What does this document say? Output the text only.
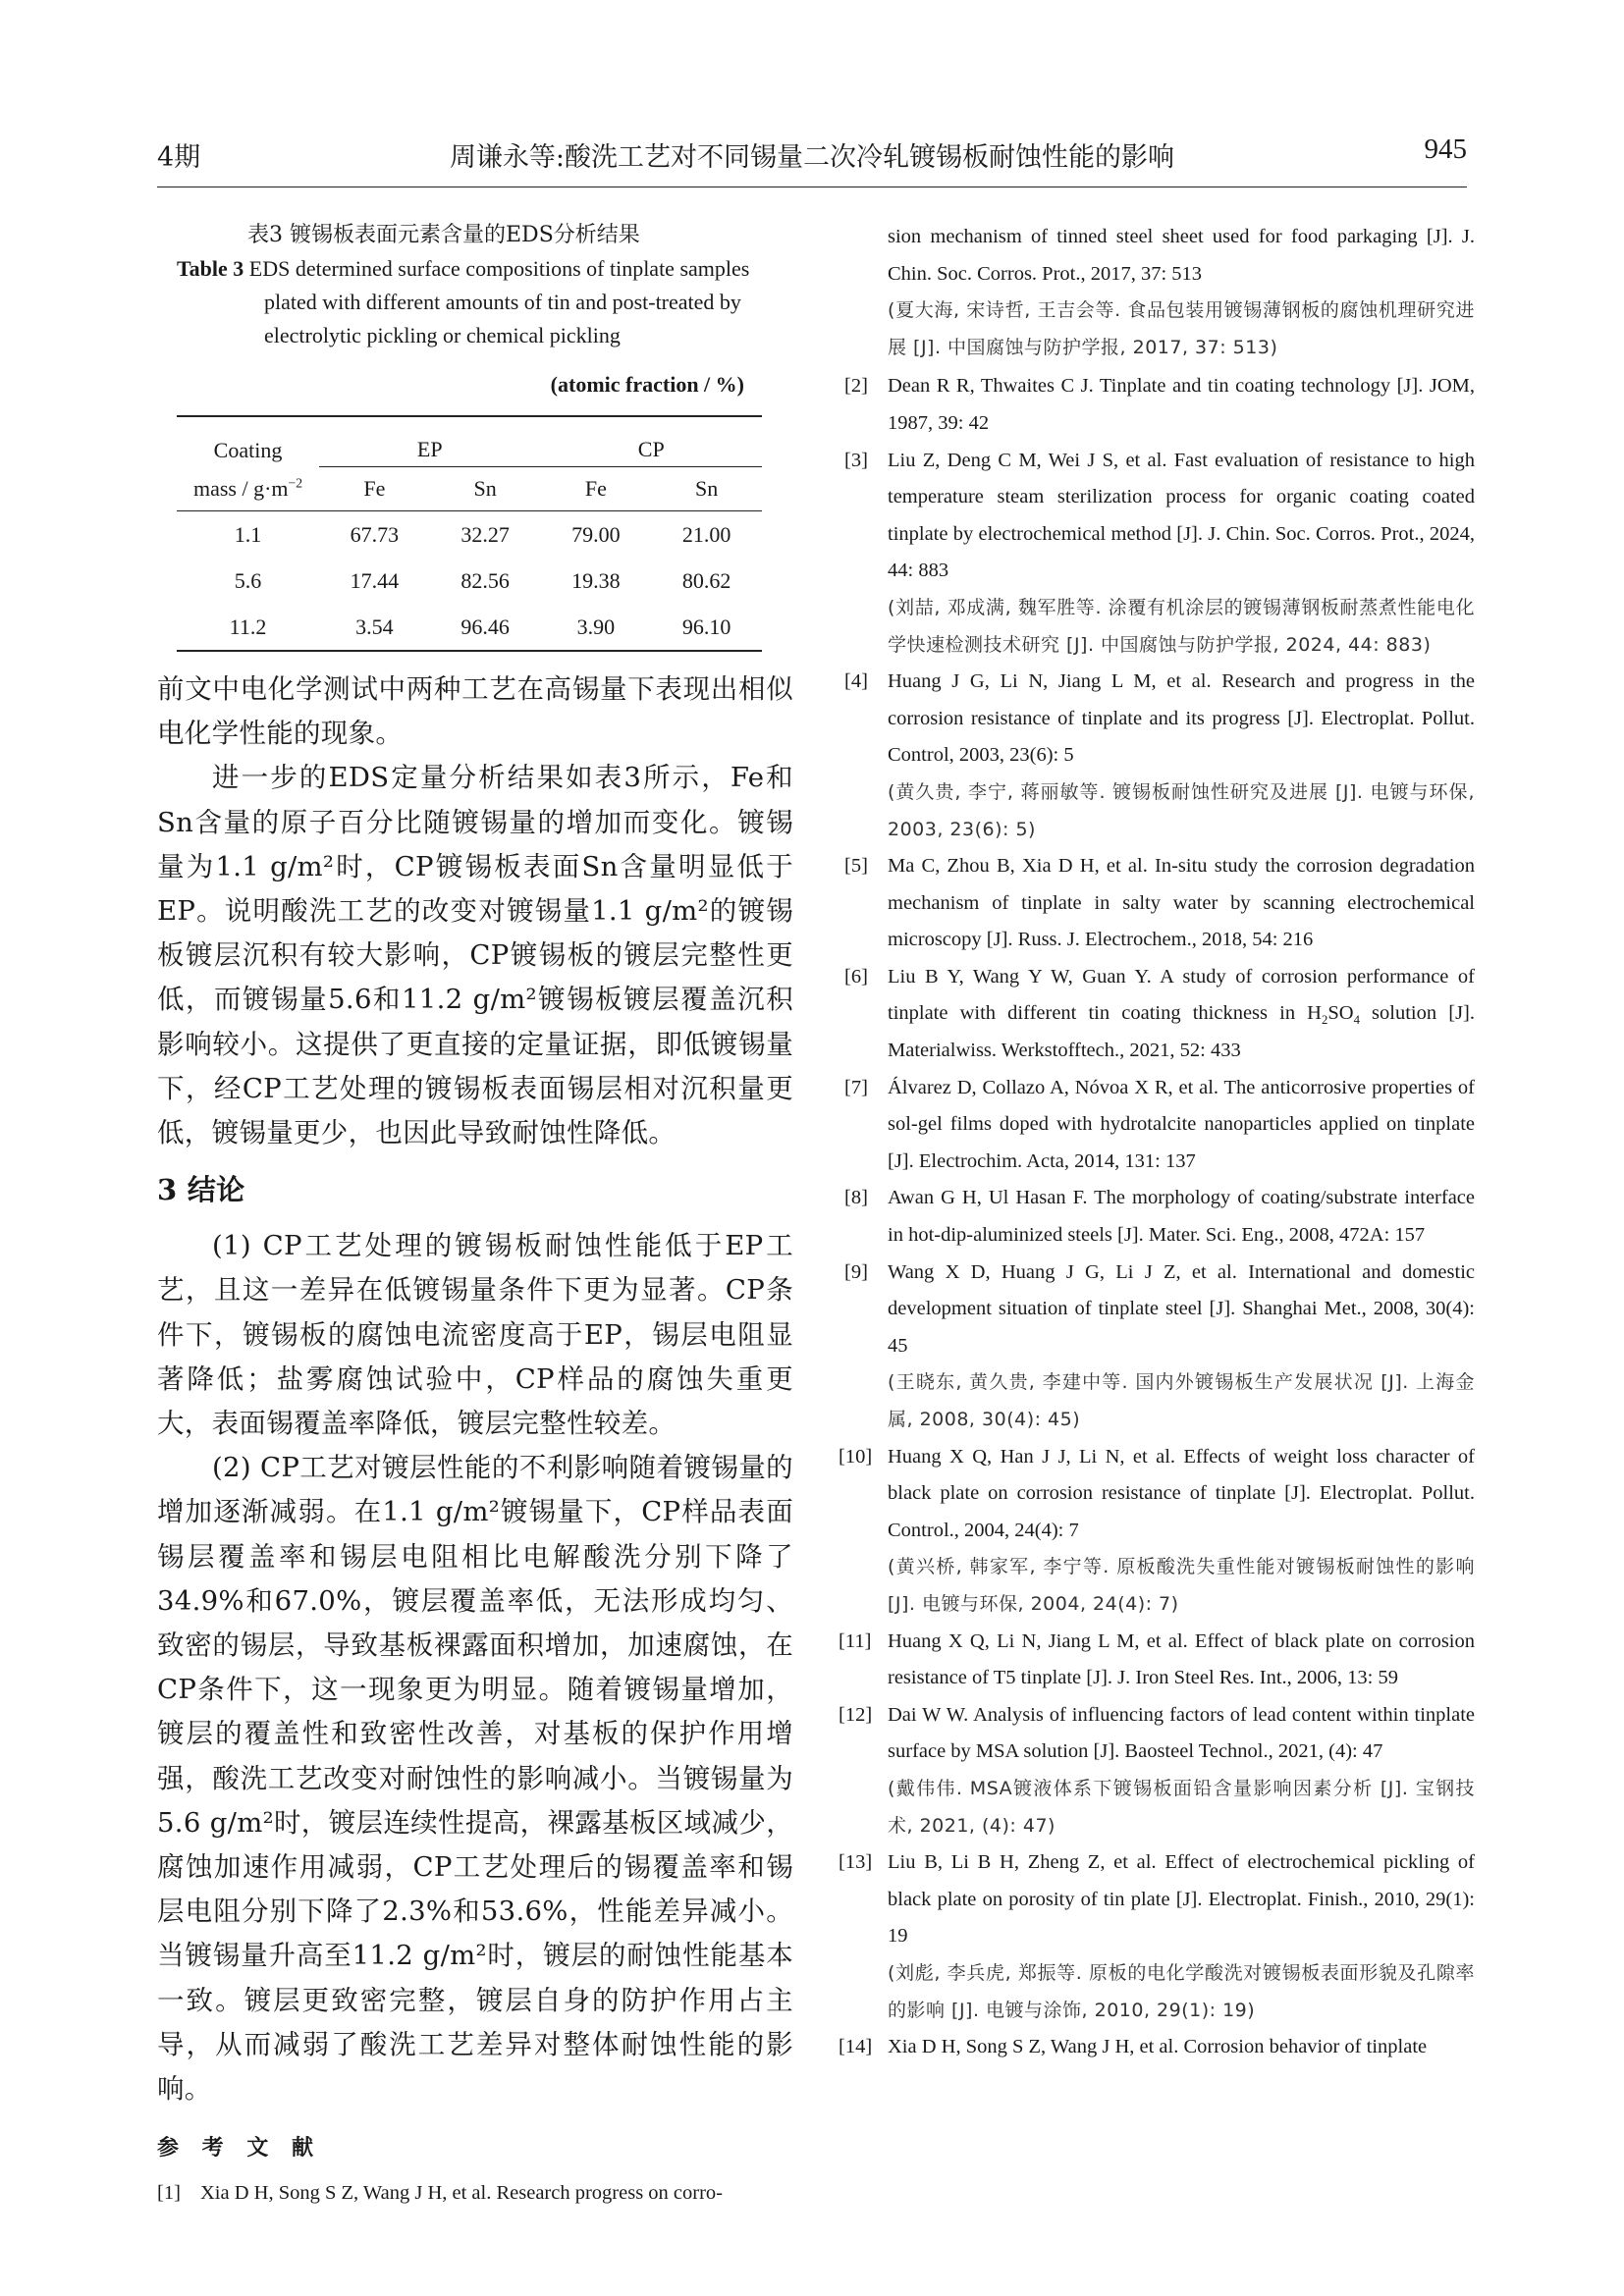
4期	周谦永等:酸洗工艺对不同锡量二次冷轧镀锡板耐蚀性能的影响	945
表3 镀锡板表面元素含量的EDS分析结果
Table 3 EDS determined surface compositions of tinplate samples plated with different amounts of tin and post-treated by electrolytic pickling or chemical pickling
(atomic fraction / %)
Coating	EP		CP	
mass / $g\cdot m^{-2}$	Fe	Sn	Fe	Sn
1.1	67.73	32.27	79.00	21.00
5.6	17.44	82.56	19.38	80.62
11.2	3.54	96.46	3.90	96.10

前文中电化学测试中两种工艺在高锡量下表现出相似电化学性能的现象。

进一步的EDS定量分析结果如表3所示，Fe和Sn含量的原子百分比随镀锡量的增加而变化。镀锡量为1.1 g/m²时，CP镀锡板表面Sn含量明显低于EP。说明酸洗工艺的改变对镀锡量1.1 g/m²的镀锡板镀层沉积有较大影响，CP镀锡板的镀层完整性更低，而镀锡量5.6和11.2 g/m²镀锡板镀层覆盖沉积影响较小。这提供了更直接的定量证据，即低镀锡量下，经CP工艺处理的镀锡板表面锡层相对沉积量更低，镀锡量更少，也因此导致耐蚀性降低。

3 结论

(1) CP工艺处理的镀锡板耐蚀性能低于EP工艺，且这一差异在低镀锡量条件下更为显著。CP条件下，镀锡板的腐蚀电流密度高于EP，锡层电阻显著降低；盐雾腐蚀试验中，CP样品的腐蚀失重更大，表面锡覆盖率降低，镀层完整性较差。

(2) CP工艺对镀层性能的不利影响随着镀锡量的增加逐渐减弱。在1.1 g/m²镀锡量下，CP样品表面锡层覆盖率和锡层电阻相比电解酸洗分别下降了34.9%和67.0%，镀层覆盖率低，无法形成均匀、致密的锡层，导致基板裸露面积增加，加速腐蚀，在CP条件下，这一现象更为明显。随着镀锡量增加，镀层的覆盖性和致密性改善，对基板的保护作用增强，酸洗工艺改变对耐蚀性的影响减小。当镀锡量为5.6 g/m²时，镀层连续性提高，裸露基板区域减少，腐蚀加速作用减弱，CP工艺处理后的锡覆盖率和锡层电阻分别下降了2.3%和53.6%，性能差异减小。当镀锡量升高至11.2 g/m²时，镀层的耐蚀性能基本一致。镀层更致密完整，镀层自身的防护作用占主导，从而减弱了酸洗工艺差异对整体耐蚀性能的影响。

参 考 文 献
[1] Xia D H, Song S Z, Wang J H, et al. Research progress on corro-
sion mechanism of tinned steel sheet used for food parkaging [J]. J. Chin. Soc. Corros. Prot., 2017, 37: 513
(夏大海, 宋诗哲, 王吉会等. 食品包装用镀锡薄钢板的腐蚀机理研究进展 [J]. 中国腐蚀与防护学报, 2017, 37: 513)
[2] Dean R R, Thwaites C J. Tinplate and tin coating technology [J]. JOM, 1987, 39: 42
[3] Liu Z, Deng C M, Wei J S, et al. Fast evaluation of resistance to high temperature steam sterilization process for organic coating coated tinplate by electrochemical method [J]. J. Chin. Soc. Corros. Prot., 2024, 44: 883
(刘喆, 邓成满, 魏军胜等. 涂覆有机涂层的镀锡薄钢板耐蒸煮性能电化学快速检测技术研究 [J]. 中国腐蚀与防护学报, 2024, 44: 883)
[4] Huang J G, Li N, Jiang L M, et al. Research and progress in the corrosion resistance of tinplate and its progress [J]. Electroplat. Pollut. Control, 2003, 23(6): 5
(黄久贵, 李宁, 蒋丽敏等. 镀锡板耐蚀性研究及进展 [J]. 电镀与环保, 2003, 23(6): 5)
[5] Ma C, Zhou B, Xia D H, et al. In-situ study the corrosion degradation mechanism of tinplate in salty water by scanning electrochemical microscopy [J]. Russ. J. Electrochem., 2018, 54: 216
[6] Liu B Y, Wang Y W, Guan Y. A study of corrosion performance of tinplate with different tin coating thickness in $H_2SO_4$ solution [J]. Materialwiss. Werkstofftech., 2021, 52: 433
[7] Álvarez D, Collazo A, Nóvoa X R, et al. The anticorrosive properties of sol-gel films doped with hydrotalcite nanoparticles applied on tinplate [J]. Electrochim. Acta, 2014, 131: 137
[8] Awan G H, Ul Hasan F. The morphology of coating/substrate interface in hot-dip-aluminized steels [J]. Mater. Sci. Eng., 2008, 472A: 157
[9] Wang X D, Huang J G, Li J Z, et al. International and domestic development situation of tinplate steel [J]. Shanghai Met., 2008, 30(4): 45
(王晓东, 黄久贵, 李建中等. 国内外镀锡板生产发展状况 [J]. 上海金属, 2008, 30(4): 45)
[10] Huang X Q, Han J J, Li N, et al. Effects of weight loss character of black plate on corrosion resistance of tinplate [J]. Electroplat. Pollut. Control., 2004, 24(4): 7
(黄兴桥, 韩家军, 李宁等. 原板酸洗失重性能对镀锡板耐蚀性的影响 [J]. 电镀与环保, 2004, 24(4): 7)
[11] Huang X Q, Li N, Jiang L M, et al. Effect of black plate on corrosion resistance of T5 tinplate [J]. J. Iron Steel Res. Int., 2006, 13: 59
[12] Dai W W. Analysis of influencing factors of lead content within tinplate surface by MSA solution [J]. Baosteel Technol., 2021, (4): 47
(戴伟伟. MSA镀液体系下镀锡板面铅含量影响因素分析 [J]. 宝钢技术, 2021, (4): 47)
[13] Liu B, Li B H, Zheng Z, et al. Effect of electrochemical pickling of black plate on porosity of tin plate [J]. Electroplat. Finish., 2010, 29(1): 19
(刘彪, 李兵虎, 郑振等. 原板的电化学酸洗对镀锡板表面形貌及孔隙率的影响 [J]. 电镀与涂饰, 2010, 29(1): 19)
[14] Xia D H, Song S Z, Wang J H, et al. Corrosion behavior of tinplate
